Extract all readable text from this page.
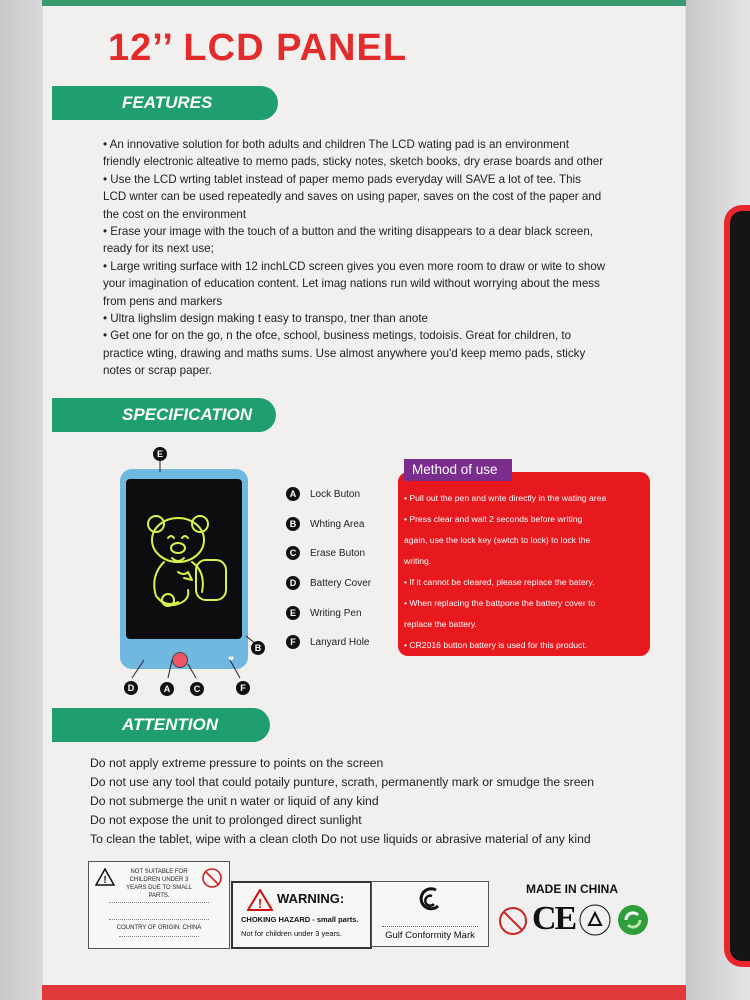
12’’ LCD PANEL
FEATURES

• An innovative solution for both adults and children The LCD wating pad is an environment

friendly electronic alteative to memo pads, sticky notes, sketch books, dry erase boards and other

• Use the LCD wrting tablet instead of paper memo pads everyday will SAVE a lot of tee. This

LCD wnter can be used repeatedly and saves on using paper, saves on the cost of the paper and

the cost on the environment

• Erase your image with the touch of a button and the writing disappears to a dear black screen,

ready for its next use;

• Large writing surface with 12 inchLCD screen gives you even more room to draw or wite to show

your imagination of education content. Let imag nations run wild without worrying about the mess

from pens and markers

• Ultra lighslim design making t easy to transpo, tner than anote

• Get one for on the go, n the ofce, school, business metings, todoisis. Great for children, to

practice wting, drawing and maths sums. Use almost anywhere you'd keep memo pads, sticky

notes or scrap paper.

SPECIFICATION
♥
E
B
D	A	C	F
A Lock Buton
B Whting Area
C Erase Buton
D Battery Cover
E Writing Pen
F Lanyard Hole
Method of use
• Pull out the pen and wnte directly in the wating area
• Press clear and wait 2 seconds before writing
again, use the lock key (swtch to lock) to lock the
writing.
• If it cannot be cleared, please replace the batery.
• When replacing the battpone the battery cover to
replace the battery.
• CR2016 button battery is used for this product.
ATTENTION
Do not apply extreme pressure to points on the screen
Do not use any tool that could potaily punture, scrath, permanently mark or smudge the sreen
Do not submerge the unit n water or liquid of any kind
Do not expose the unit to prolonged direct sunlight
To clean the tablet, wipe with a clean cloth Do not use liquids or abrasive material of any kind
!
NOT SUITABLE FOR CHILDREN UNDER 3 YEARS DUE TO SMALL PARTS.
COUNTRY OF ORIGIN: CHINA
! WARNING:
CHOKING HAZARD - small parts.
Not for children under 3 years.	Gulf Conformity Mark
MADE IN CHINA
CE
